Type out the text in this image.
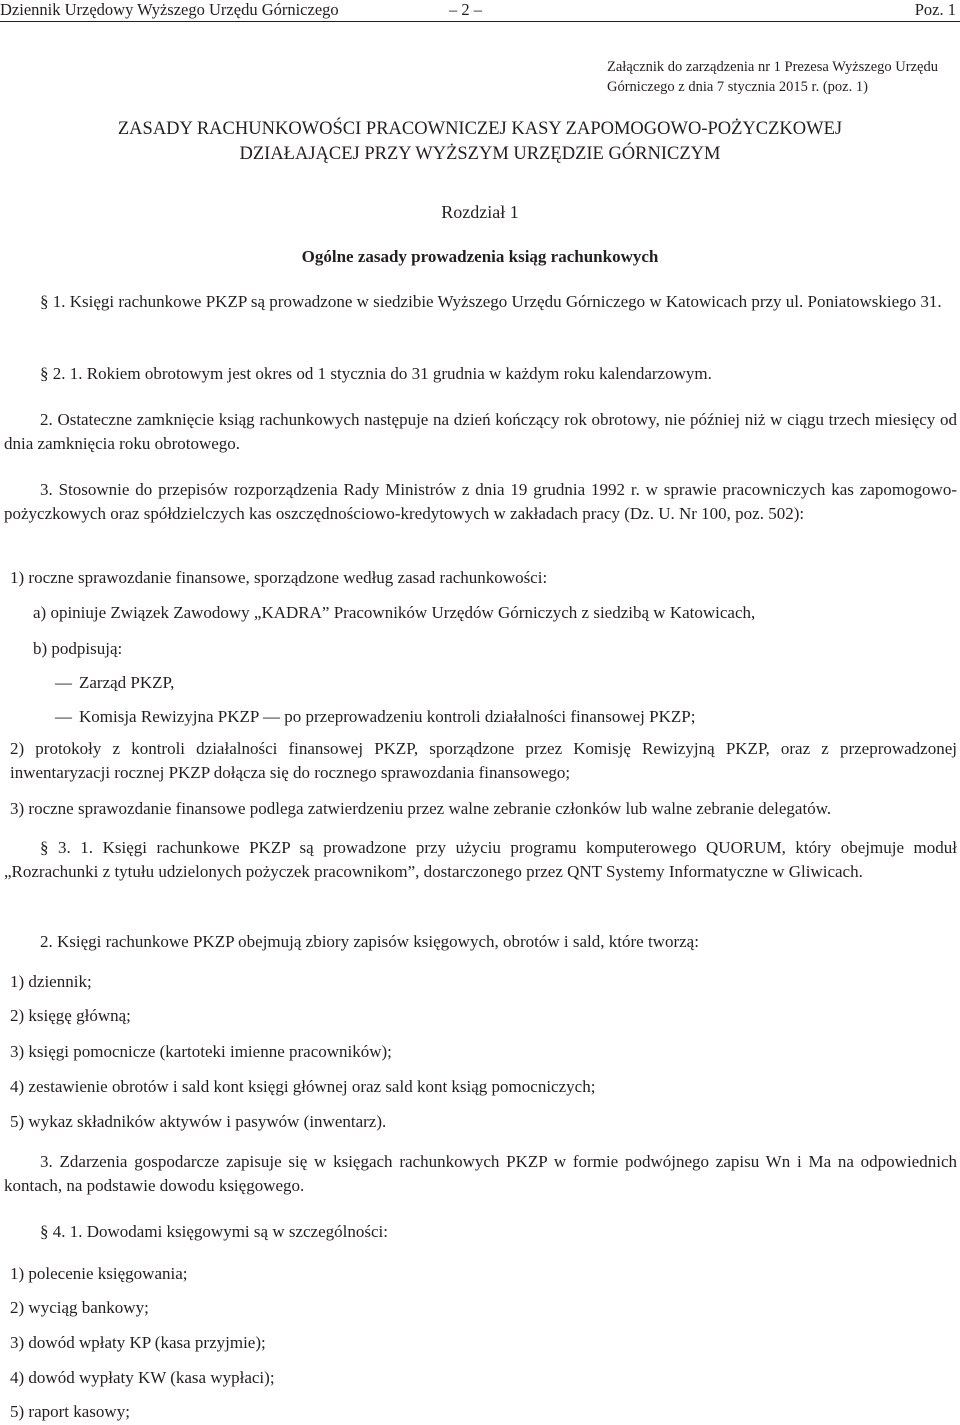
Dziennik Urzędowy Wyższego Urzędu Górniczego	– 2 –	Poz. 1
Załącznik do zarządzenia nr 1 Prezesa Wyższego Urzędu Górniczego z dnia 7 stycznia 2015 r. (poz. 1)
ZASADY RACHUNKOWOŚCI PRACOWNICZEJ KASY ZAPOMOGOWO-POŻYCZKOWEJ
DZIAŁAJĄCEJ PRZY WYŻSZYM URZĘDZIE GÓRNICZYM
Rozdział 1
Ogólne zasady prowadzenia ksiąg rachunkowych
§ 1. Księgi rachunkowe PKZP są prowadzone w siedzibie Wyższego Urzędu Górniczego w Katowicach przy ul. Poniatowskiego 31.
§ 2. 1. Rokiem obrotowym jest okres od 1 stycznia do 31 grudnia w każdym roku kalendarzowym.
2. Ostateczne zamknięcie ksiąg rachunkowych następuje na dzień kończący rok obrotowy, nie później niż w ciągu trzech miesięcy od dnia zamknięcia roku obrotowego.
3. Stosownie do przepisów rozporządzenia Rady Ministrów z dnia 19 grudnia 1992 r. w sprawie pracowniczych kas zapomogowo-pożyczkowych oraz spółdzielczych kas oszczędnościowo-kredytowych w zakładach pracy (Dz. U. Nr 100, poz. 502):
1) roczne sprawozdanie finansowe, sporządzone według zasad rachunkowości:
a) opiniuje Związek Zawodowy „KADRA” Pracowników Urzędów Górniczych z siedzibą w Katowicach,
b) podpisują:
— Zarząd PKZP,
— Komisja Rewizyjna PKZP — po przeprowadzeniu kontroli działalności finansowej PKZP;
2) protokoły z kontroli działalności finansowej PKZP, sporządzone przez Komisję Rewizyjną PKZP, oraz z przeprowadzonej inwentaryzacji rocznej PKZP dołącza się do rocznego sprawozdania finansowego;
3) roczne sprawozdanie finansowe podlega zatwierdzeniu przez walne zebranie członków lub walne zebranie delegatów.
§ 3. 1. Księgi rachunkowe PKZP są prowadzone przy użyciu programu komputerowego QUORUM, który obejmuje moduł „Rozrachunki z tytułu udzielonych pożyczek pracownikom”, dostarczonego przez QNT Systemy Informatyczne w Gliwicach.
2. Księgi rachunkowe PKZP obejmują zbiory zapisów księgowych, obrotów i sald, które tworzą:
1) dziennik;
2) księgę główną;
3) księgi pomocnicze (kartoteki imienne pracowników);
4) zestawienie obrotów i sald kont księgi głównej oraz sald kont ksiąg pomocniczych;
5) wykaz składników aktywów i pasywów (inwentarz).
3. Zdarzenia gospodarcze zapisuje się w księgach rachunkowych PKZP w formie podwójnego zapisu Wn i Ma na odpowiednich kontach, na podstawie dowodu księgowego.
§ 4. 1. Dowodami księgowymi są w szczególności:
1) polecenie księgowania;
2) wyciąg bankowy;
3) dowód wpłaty KP (kasa przyjmie);
4) dowód wypłaty KW (kasa wypłaci);
5) raport kasowy;
